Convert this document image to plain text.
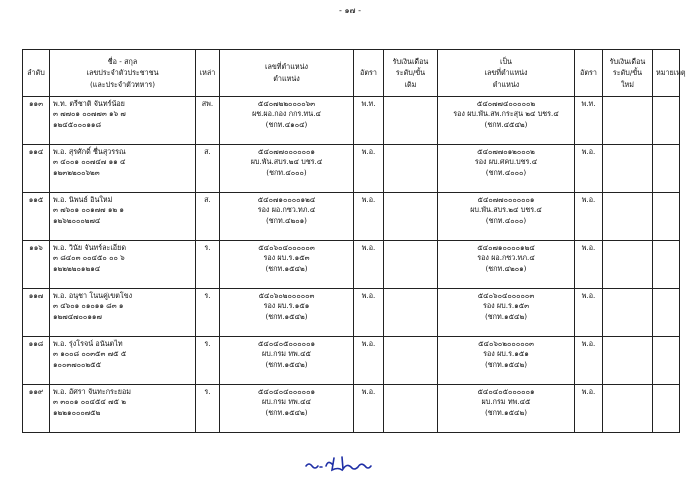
- ๑๗ -
ลำดับ	ชื่อ - สกุล
เลขประจำตัวประชาชน
(และประจำตัวทหาร)	เหล่า	เลขที่ตำแหน่ง
ตำแหน่ง	อัตรา	รับเงินเดือน
ระดับ/ขั้น
เดิม	เป็น
เลขที่ตำแหน่ง
ตำแหน่ง	อัตรา	รับเงินเดือน
ระดับ/ขั้น
ใหม่	หมายเหตุ
๑๑๓	พ.ท. ตรีชาติ จันทร์น้อย
๓ ๗๗๐๑ ๐๐๗๗๓ ๑๖ ๗
๑๒๔๕๐๐๐๑๑๘	สพ.	๕๔๐๗๒๒๐๐๐๐๖๓
ผช.ผอ.กอง กกร.ทน.๔
(ชกท.๔๑๐๔)	พ.ท.		๕๔๐๗๗๔๐๐๐๐๐๒
รอง ผบ.พัน.สพ.กระสุน ๒๔ บชร.๔
(ชกท.๔๕๔๒)	พ.ท.		
๑๑๔	พ.อ. สุรศักดิ์ ชื่นสุวรรณ
๓ ๔๐๐๑ ๐๐๗๔๗ ๑๑ ๔
๑๒๓๒๒๐๐๖๒๓	ส.	๕๔๐๗๗๐๐๐๐๐๐๑
ผบ.พัน.สบร.๒๔ บชร.๔
(ชกท.๔๐๐๐)	พ.อ.		๕๔๐๗๗๐๑๒๐๐๐๒
รอง ผบ.ศคบ.บชร.๔
(ชกท.๔๐๐๐)	พ.อ.		
๑๑๕	พ.อ. นิพนธ์ อินใหม่
๓ ๗๖๐๑ ๐๐๑๗๗ ๑๒ ๑
๑๒๖๒๐๐๐๒๗๔	ส.	๕๔๐๗๑๐๐๐๐๑๒๔
รอง ผอ.กซว.ทภ.๔
(ชกท.๔๒๐๑)	พ.อ.		๕๔๐๗๗๐๐๐๐๐๐๑
ผบ.พัน.สบร.๒๔ บชร.๔
(ชกท.๔๐๐๐)	พ.อ.		
๑๑๖	พ.อ. วินัย จันทร์ละเอียด
๓ ๘๔๐๓ ๐๐๔๕๐ ๐๐ ๖
๑๒๒๒๒๐๑๒๑๔	ร.	๕๔๐๖๐๔๐๐๐๐๐๓
รอง ผบ.ร.๑๕๓
(ชกท.๑๕๔๒)	พ.อ.		๕๔๐๗๑๐๐๐๐๑๒๔
รอง ผอ.กซว.ทภ.๔
(ชกท.๔๒๐๑)	พ.อ.		
๑๑๗	พ.อ. อนุชา โนนคู่เขตโขง
๓ ๔๖๐๑ ๐๑๐๑๑ ๘๓ ๑
๑๒๗๔๗๐๐๑๑๗	ร.	๕๔๐๖๐๒๐๐๐๐๐๓
รอง ผบ.ร.๑๕๑
(ชกท.๑๕๔๒)	พ.อ.		๕๔๐๖๐๔๐๐๐๐๐๓
รอง ผบ.ร.๑๕๓
(ชกท.๑๕๔๒)	พ.อ.		
๑๑๘	พ.อ. รุ่งโรจน์ อนันตไท
๓ ๑๐๐๘ ๐๐๓๕๓ ๗๕ ๕
๑๐๐๓๗๐๐๒๕๕	ร.	๕๔๐๔๐๕๐๐๐๐๐๑
ผบ.กรม ทพ.๔๕
(ชกท.๑๕๔๒)	พ.อ.		๕๔๐๖๐๒๐๐๐๐๐๓
รอง ผบ.ร.๑๕๑
(ชกท.๑๕๔๒)	พ.อ.		
๑๑๙	พ.อ. อัศรา จันทะกระยอม
๓ ๓๐๐๑ ๐๐๔๕๔ ๗๕ ๒
๑๒๒๑๐๐๐๗๕๒	ร.	๕๔๐๔๐๔๐๐๐๐๐๑
ผบ.กรม ทพ.๔๔
(ชกท.๑๕๔๒)	พ.อ.		๕๔๐๔๐๕๐๐๐๐๐๑
ผบ.กรม ทพ.๔๕
(ชกท.๑๕๔๒)	พ.อ.		
